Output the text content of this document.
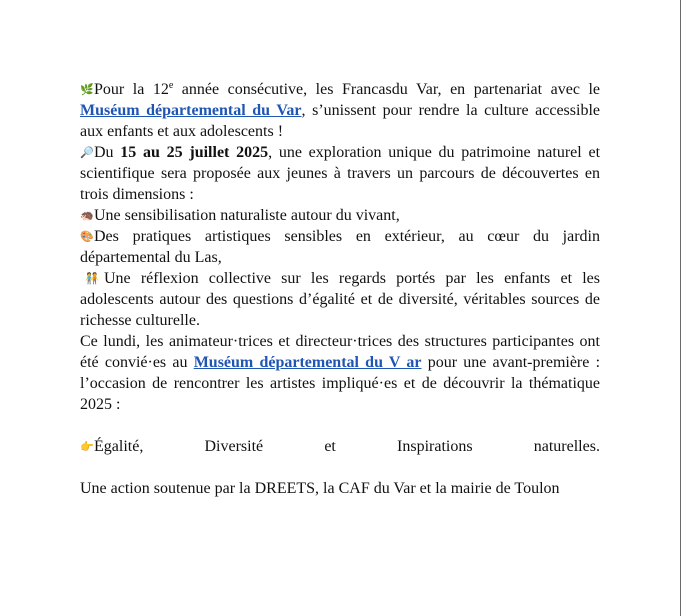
🌿Pour la 12e année consécutive, les Francasdu Var, en partenariat avec le Muséum départemental du Var, s’unissent pour rendre la culture accessible aux enfants et aux adolescents !

🔎Du 15 au 25 juillet 2025, une exploration unique du patrimoine naturel et scientifique sera proposée aux jeunes à travers un parcours de découvertes en trois dimensions :

🦔Une sensibilisation naturaliste autour du vivant,

🎨Des pratiques artistiques sensibles en extérieur, au cœur du jardin départemental du Las,

🧑‍🤝‍🧑 Une réflexion collective sur les regards portés par les enfants et les adolescents autour des questions d’égalité et de diversité, véritables sources de richesse culturelle.

Ce lundi, les animateur·trices et directeur·trices des structures participantes ont été convié·es au Muséum départemental du V ar pour une avant-première : l’occasion de rencontrer les artistes impliqué·es et de découvrir la thématique 2025 :

👉Égalité,	Diversité	et	Inspirations	naturelles.

Une action soutenue par la DREETS, la CAF du Var et la mairie de Toulon
